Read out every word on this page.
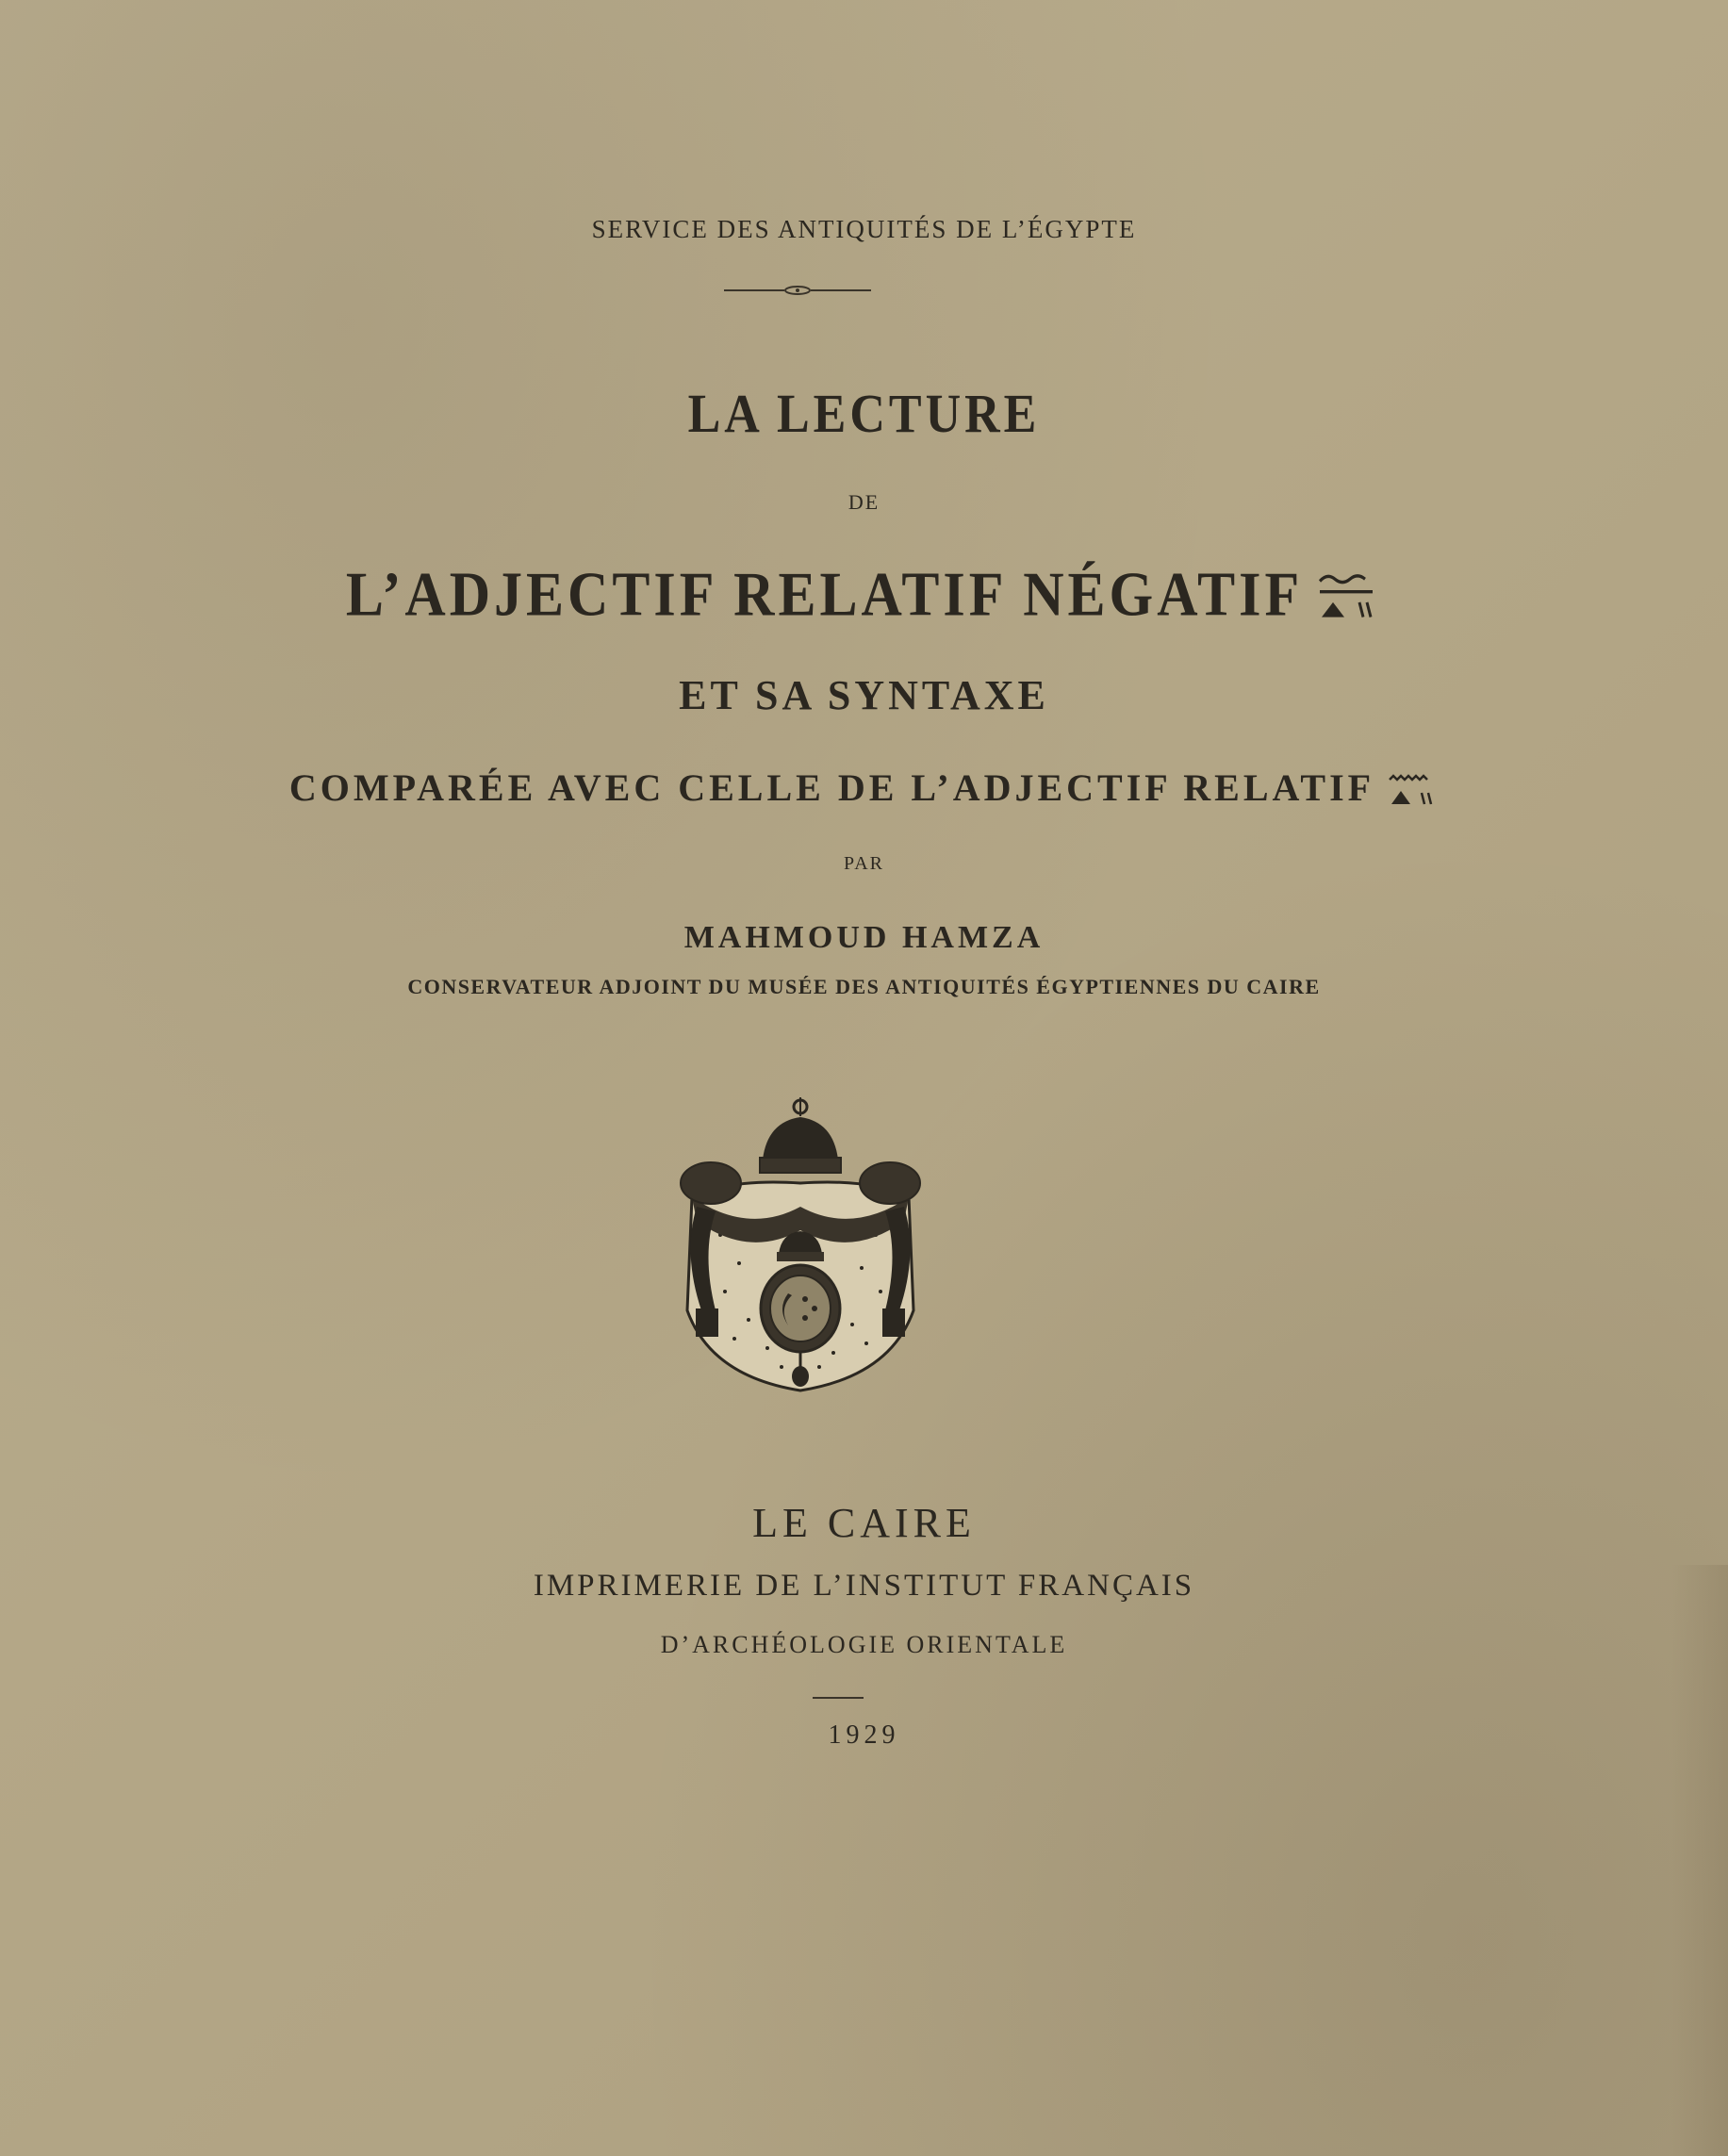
SERVICE DES ANTIQUITÉS DE L’ÉGYPTE
LA LECTURE
DE
L’ADJECTIF RELATIF NÉGATIF
ET SA SYNTAXE
COMPARÉE AVEC CELLE DE L’ADJECTIF RELATIF
PAR
MAHMOUD HAMZA
CONSERVATEUR ADJOINT DU MUSÉE DES ANTIQUITÉS ÉGYPTIENNES DU CAIRE
LE CAIRE
IMPRIMERIE DE L’INSTITUT FRANÇAIS
D’ARCHÉOLOGIE ORIENTALE
1929
